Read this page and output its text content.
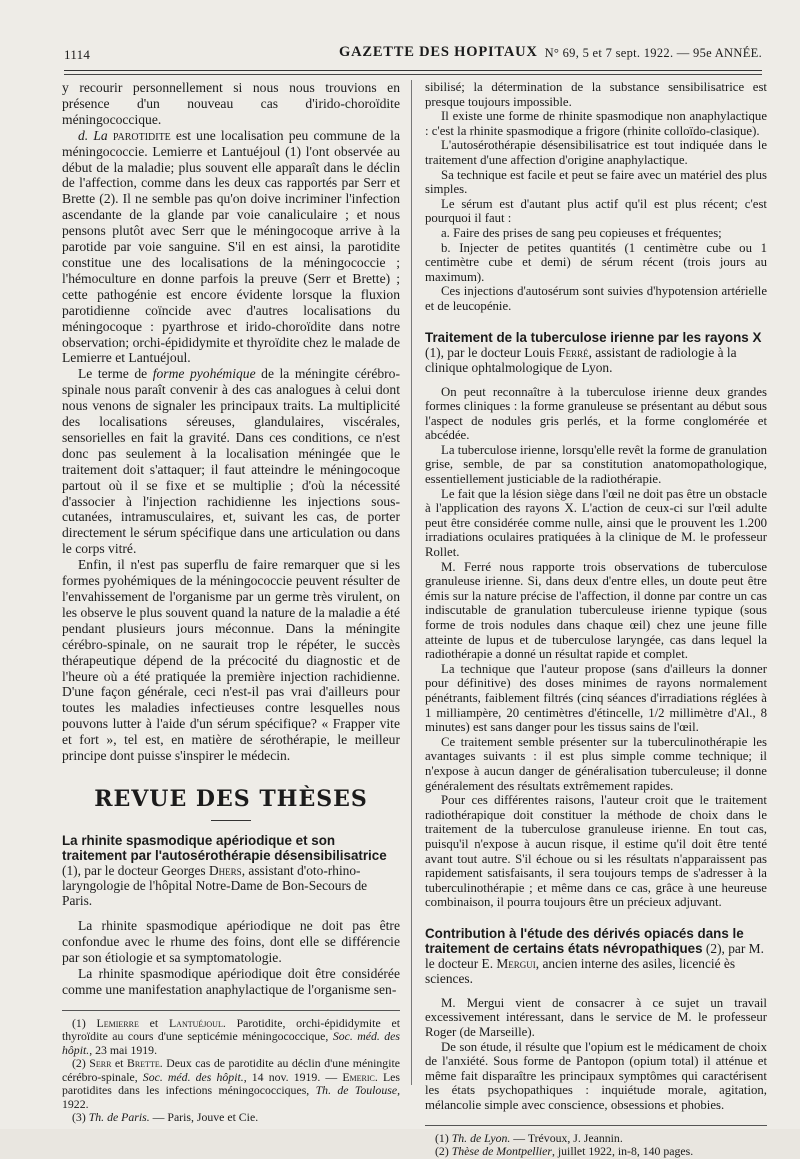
1114	GAZETTE DES HOPITAUX N° 69, 5 et 7 sept. 1922. — 95e ANNÉE.

y recourir personnellement si nous nous trouvions en présence d'un nouveau cas d'irido-choroïdite méningococcique.

d. La parotidite est une localisation peu commune de la méningococcie. Lemierre et Lantuéjoul (1) l'ont observée au début de la maladie; plus souvent elle apparaît dans le déclin de l'affection, comme dans les deux cas rapportés par Serr et Brette (2). Il ne semble pas qu'on doive incriminer l'infection ascendante de la glande par voie canaliculaire ; et nous pensons plutôt avec Serr que le méningocoque arrive à la parotide par voie sanguine. S'il en est ainsi, la parotidite constitue une des localisations de la méningococcie ; l'hémoculture en donne parfois la preuve (Serr et Brette) ; cette pathogénie est encore évidente lorsque la fluxion parotidienne coïncide avec d'autres localisations du méningocoque : pyarthrose et irido-choroïdite dans notre observation; orchi-épididymite et thyroïdite chez le malade de Lemierre et Lantuéjoul.

Le terme de forme pyohémique de la méningite cérébro-spinale nous paraît convenir à des cas analogues à celui dont nous venons de signaler les principaux traits. La multiplicité des localisations séreuses, glandulaires, viscérales, sensorielles en fait la gravité. Dans ces conditions, ce n'est donc pas seulement à la localisation méningée que le traitement doit s'attaquer; il faut atteindre le méningocoque partout où il se fixe et se multiplie ; d'où la nécessité d'associer à l'injection rachidienne les injections sous-cutanées, intramusculaires, et, suivant les cas, de porter directement le sérum spécifique dans une articulation ou dans le corps vitré.

Enfin, il n'est pas superflu de faire remarquer que si les formes pyohémiques de la méningococcie peuvent résulter de l'envahissement de l'organisme par un germe très virulent, on les observe le plus souvent quand la nature de la maladie a été pendant plusieurs jours méconnue. Dans la méningite cérébro-spinale, on ne saurait trop le répéter, le succès thérapeutique dépend de la précocité du diagnostic et de l'heure où a été pratiquée la première injection rachidienne. D'une façon générale, ceci n'est-il pas vrai d'ailleurs pour toutes les maladies infectieuses contre lesquelles nous pouvons lutter à l'aide d'un sérum spécifique? « Frapper vite et fort », tel est, en matière de sérothérapie, le meilleur principe dont puisse s'inspirer le médecin.

REVUE DES THÈSES

La rhinite spasmodique apériodique et son traitement par l'autosérothérapie désensibilisatrice (1), par le docteur Georges Dhers, assistant d'oto-rhino-laryngologie de l'hôpital Notre-Dame de Bon-Secours de Paris.

La rhinite spasmodique apériodique ne doit pas être confondue avec le rhume des foins, dont elle se différencie par son étiologie et sa symptomatologie.

La rhinite spasmodique apériodique doit être considérée comme une manifestation anaphylactique de l'organisme sen-

(1) Lemierre et Lantuéjoul. Parotidite, orchi-épididymite et thyroïdite au cours d'une septicémie méningococcique, Soc. méd. des hôpit., 23 mai 1919.

(2) Serr et Brette. Deux cas de parotidite au déclin d'une méningite cérébro-spinale, Soc. méd. des hôpit., 14 nov. 1919. — Emeric. Les parotidites dans les infections méningococciques, Th. de Toulouse, 1922.

(3) Th. de Paris. — Paris, Jouve et Cie.

sibilisé; la détermination de la substance sensibilisatrice est presque toujours impossible.

Il existe une forme de rhinite spasmodique non anaphylactique : c'est la rhinite spasmodique a frigore (rhinite colloïdo-clasique).

L'autosérothérapie désensibilisatrice est tout indiquée dans le traitement d'une affection d'origine anaphylactique.

Sa technique est facile et peut se faire avec un matériel des plus simples.

Le sérum est d'autant plus actif qu'il est plus récent; c'est pourquoi il faut :

a. Faire des prises de sang peu copieuses et fréquentes;

b. Injecter de petites quantités (1 centimètre cube ou 1 centimètre cube et demi) de sérum récent (trois jours au maximum).

Ces injections d'autosérum sont suivies d'hypotension artérielle et de leucopénie.

Traitement de la tuberculose irienne par les rayons X (1), par le docteur Louis Ferré, assistant de radiologie à la clinique ophtalmologique de Lyon.

On peut reconnaître à la tuberculose irienne deux grandes formes cliniques : la forme granuleuse se présentant au début sous l'aspect de nodules gris perlés, et la forme conglomérée et abcédée.

La tuberculose irienne, lorsqu'elle revêt la forme de granulation grise, semble, de par sa constitution anatomopathologique, essentiellement justiciable de la radiothérapie.

Le fait que la lésion siège dans l'œil ne doit pas être un obstacle à l'application des rayons X. L'action de ceux-ci sur l'œil adulte peut être considérée comme nulle, ainsi que le prouvent les 1.200 irradiations oculaires pratiquées à la clinique de M. le professeur Rollet.

M. Ferré nous rapporte trois observations de tuberculose granuleuse irienne. Si, dans deux d'entre elles, un doute peut être émis sur la nature précise de l'affection, il donne par contre un cas indiscutable de granulation tuberculeuse irienne typique (sous forme de trois nodules dans chaque œil) chez une jeune fille atteinte de lupus et de tuberculose laryngée, cas dans lequel la radiothérapie a donné un résultat rapide et complet.

La technique que l'auteur propose (sans d'ailleurs la donner pour définitive) des doses minimes de rayons normalement pénétrants, faiblement filtrés (cinq séances d'irradiations réglées à 1 milliampère, 20 centimètres d'étincelle, 1/2 millimètre d'Al., 8 minutes) est sans danger pour les tissus sains de l'œil.

Ce traitement semble présenter sur la tuberculinothérapie les avantages suivants : il est plus simple comme technique; il n'expose à aucun danger de généralisation tuberculeuse; il donne généralement des résultats extrêmement rapides.

Pour ces différentes raisons, l'auteur croit que le traitement radiothérapique doit constituer la méthode de choix dans le traitement de la tuberculose granuleuse irienne. En tout cas, puisqu'il n'expose à aucun risque, il estime qu'il doit être tenté avant tout autre. S'il échoue ou si les résultats n'apparaissent pas rapidement satisfaisants, il sera toujours temps de s'adresser à la tuberculinothérapie ; et même dans ce cas, grâce à une heureuse combinaison, il pourra toujours être un précieux adjuvant.

Contribution à l'étude des dérivés opiacés dans le traitement de certains états névropathiques (2), par M. le docteur E. Mergui, ancien interne des asiles, licencié ès sciences.

M. Mergui vient de consacrer à ce sujet un travail excessivement intéressant, dans le service de M. le professeur Roger (de Marseille).

De son étude, il résulte que l'opium est le médicament de choix de l'anxiété. Sous forme de Pantopon (opium total) il atténue et même fait disparaître les principaux symptômes qui caractérisent les états psychopathiques : inquiétude morale, agitation, mélancolie simple avec conscience, obsessions et phobies.

(1) Th. de Lyon. — Trévoux, J. Jeannin.

(2) Thèse de Montpellier, juillet 1922, in-8, 140 pages.
